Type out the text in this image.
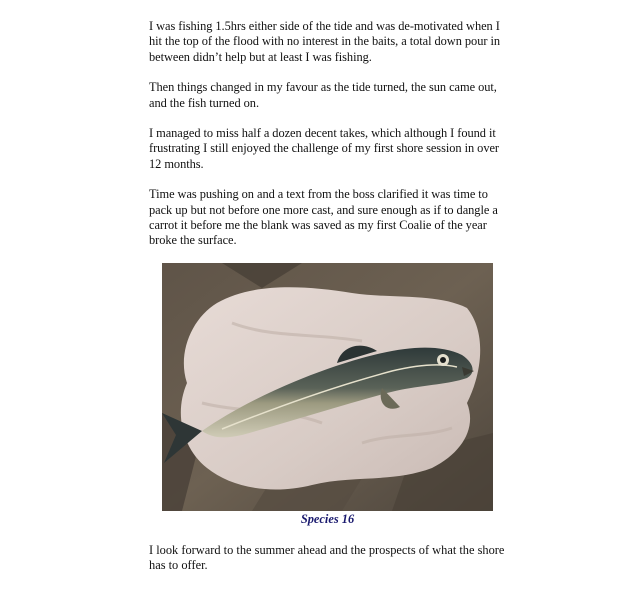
I was fishing 1.5hrs either side of the tide and was de-motivated when I hit the top of the flood with no interest in the baits, a total down pour in between didn’t help but at least I was fishing.

Then things changed in my favour as the tide turned, the sun came out, and the fish turned on.

I managed to miss half a dozen decent takes, which although I found it frustrating I still enjoyed the challenge of my first shore session in over 12 months.

Time was pushing on and a text from the boss clarified it was time to pack up but not before one more cast, and sure enough as if to dangle a carrot it before me the blank was saved as my first Coalie of the year broke the surface.

Species 16

I look forward to the summer ahead and the prospects of what the shore has to offer.
